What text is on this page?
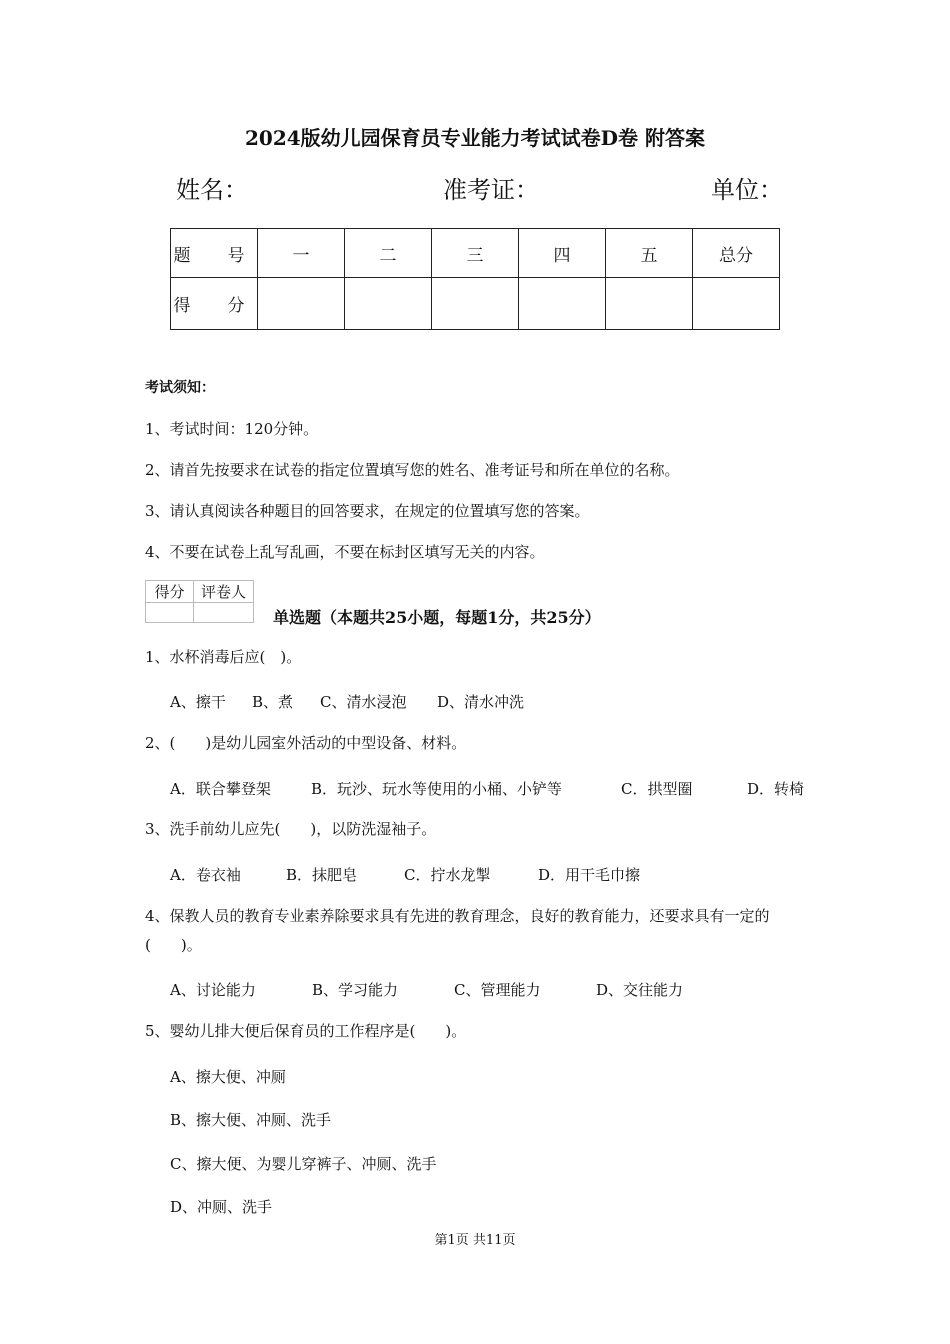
2024版幼儿园保育员专业能力考试试卷D卷 附答案
姓名：	准考证：	单位：
题　号	一	二	三	四	五	总分
得　分						
考试须知：
1、考试时间：120分钟。
2、请首先按要求在试卷的指定位置填写您的姓名、准考证号和所在单位的名称。
3、请认真阅读各种题目的回答要求，在规定的位置填写您的答案。
4、不要在试卷上乱写乱画，不要在标封区填写无关的内容。
得分	评卷人

单选题（本题共25小题，每题1分，共25分）
1、水杯消毒后应(　)。
A、擦干 B、煮 C、清水浸泡 D、清水冲洗
2、(　　)是幼儿园室外活动的中型设备、材料。
A．联合攀登架	B．玩沙、玩水等使用的小桶、小铲等	C．拱型圈	D．转椅
3、洗手前幼儿应先(　　)，以防洗湿袖子。
A．卷衣袖	B．抹肥皂	C．拧水龙掣	D．用干毛巾擦
4、保教人员的教育专业素养除要求具有先进的教育理念，良好的教育能力，还要求具有一定的(　　)。
A、讨论能力	B、学习能力	C、管理能力	D、交往能力
5、婴幼儿排大便后保育员的工作程序是(　　)。
A、擦大便、冲厕
B、擦大便、冲厕、洗手
C、擦大便、为婴儿穿裤子、冲厕、洗手
D、冲厕、洗手
第1页 共11页
